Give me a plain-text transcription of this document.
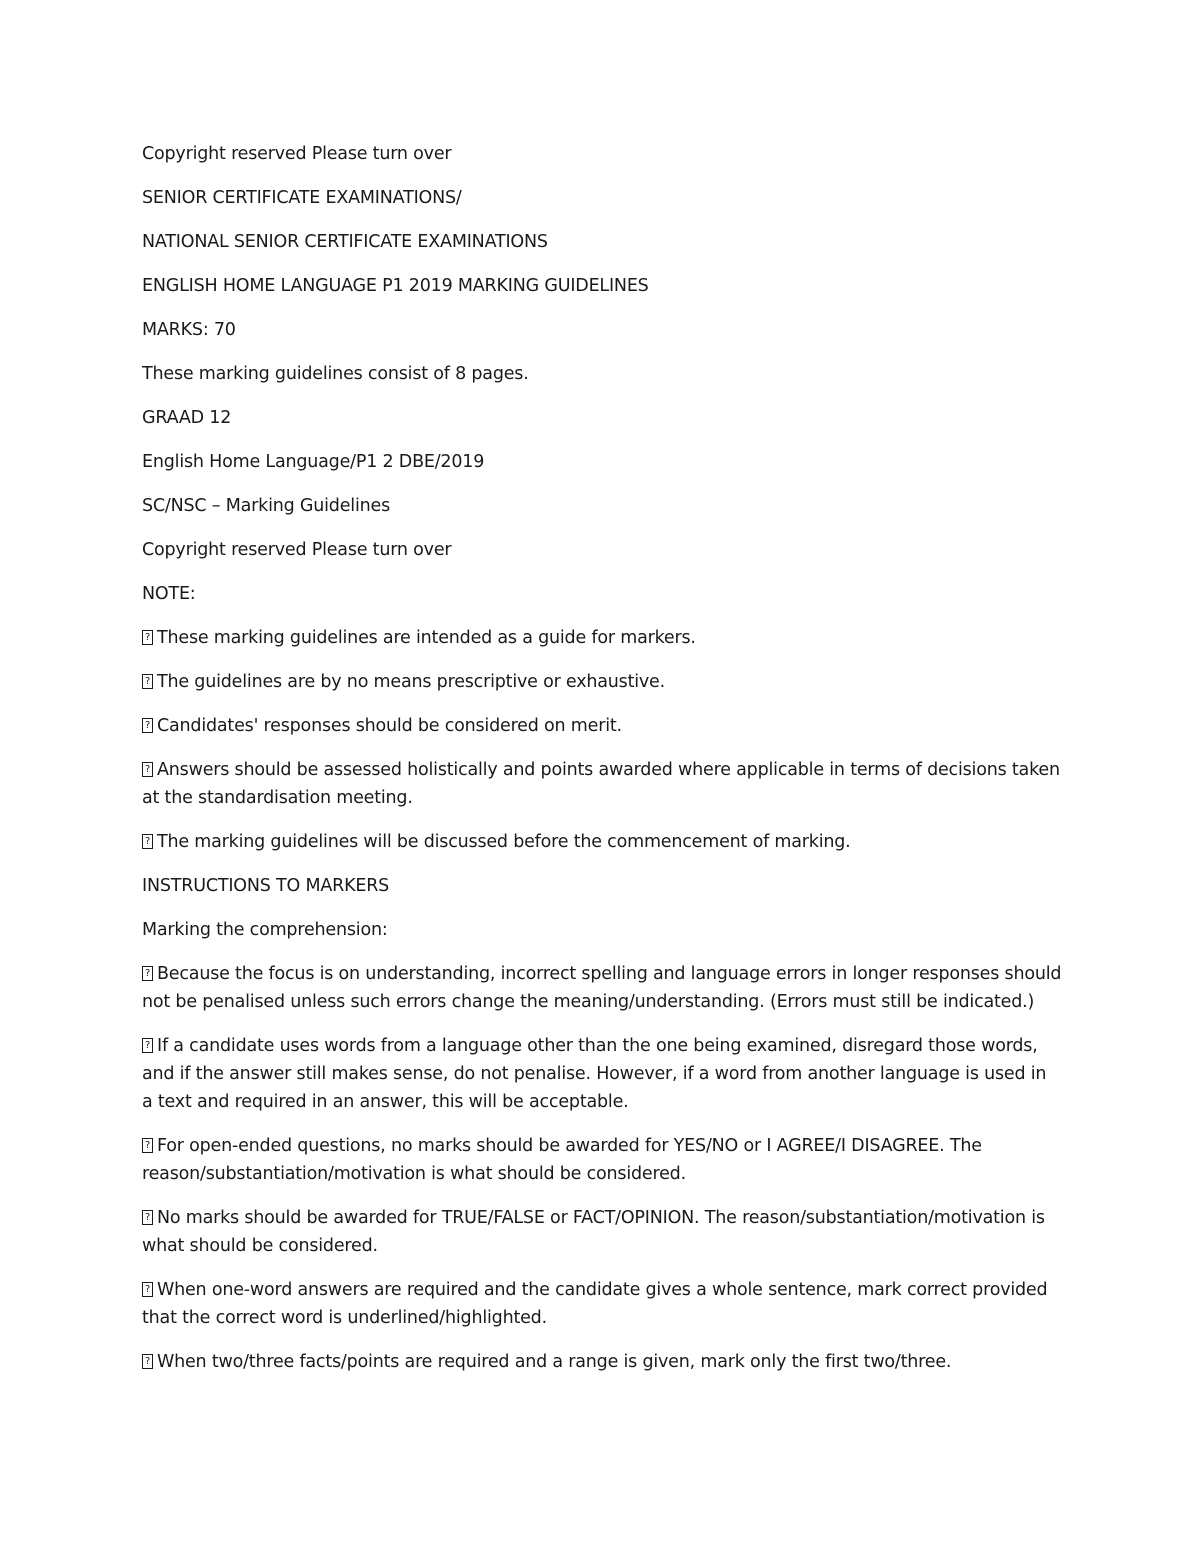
Copyright reserved Please turn over

SENIOR CERTIFICATE EXAMINATIONS/

NATIONAL SENIOR CERTIFICATE EXAMINATIONS

ENGLISH HOME LANGUAGE P1 2019 MARKING GUIDELINES

MARKS: 70

These marking guidelines consist of 8 pages.

GRAAD 12

English Home Language/P1 2 DBE/2019

SC/NSC – Marking Guidelines

Copyright reserved Please turn over

NOTE:

?These marking guidelines are intended as a guide for markers.

?The guidelines are by no means prescriptive or exhaustive.

?Candidates' responses should be considered on merit.

?Answers should be assessed holistically and points awarded where applicable in terms of decisions taken at the standardisation meeting.

?The marking guidelines will be discussed before the commencement of marking.

INSTRUCTIONS TO MARKERS

Marking the comprehension:

?Because the focus is on understanding, incorrect spelling and language errors in longer responses should not be penalised unless such errors change the meaning/understanding. (Errors must still be indicated.)

?If a candidate uses words from a language other than the one being examined, disregard those words, and if the answer still makes sense, do not penalise. However, if a word from another language is used in a text and required in an answer, this will be acceptable.

?For open-ended questions, no marks should be awarded for YES/NO or I AGREE/I DISAGREE. The reason/substantiation/motivation is what should be considered.

?No marks should be awarded for TRUE/FALSE or FACT/OPINION. The reason/substantiation/motivation is what should be considered.

?When one-word answers are required and the candidate gives a whole sentence, mark correct provided that the correct word is underlined/highlighted.

?When two/three facts/points are required and a range is given, mark only the first two/three.
